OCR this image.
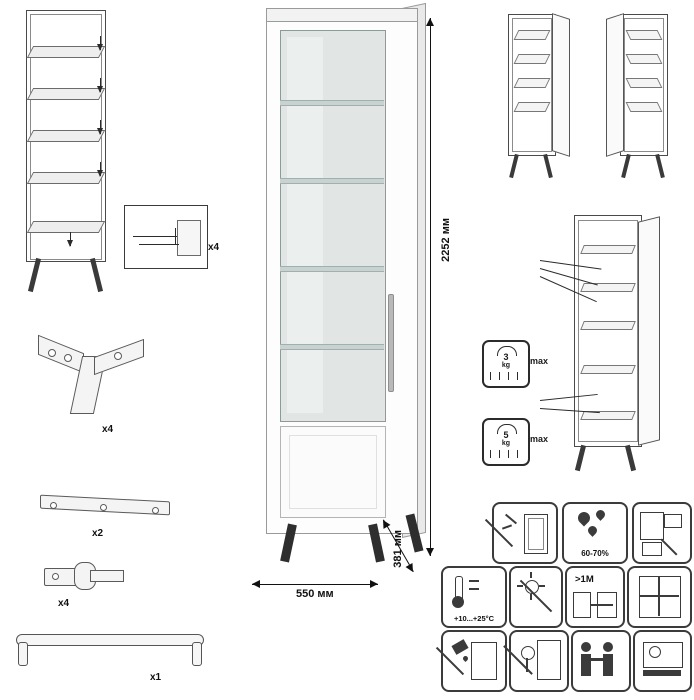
x4
x4
x2
x4
x1
2252 мм
550 мм
381 мм
3
kg	max
5
kg	max
60-70%
+10...+25°C
>1M
